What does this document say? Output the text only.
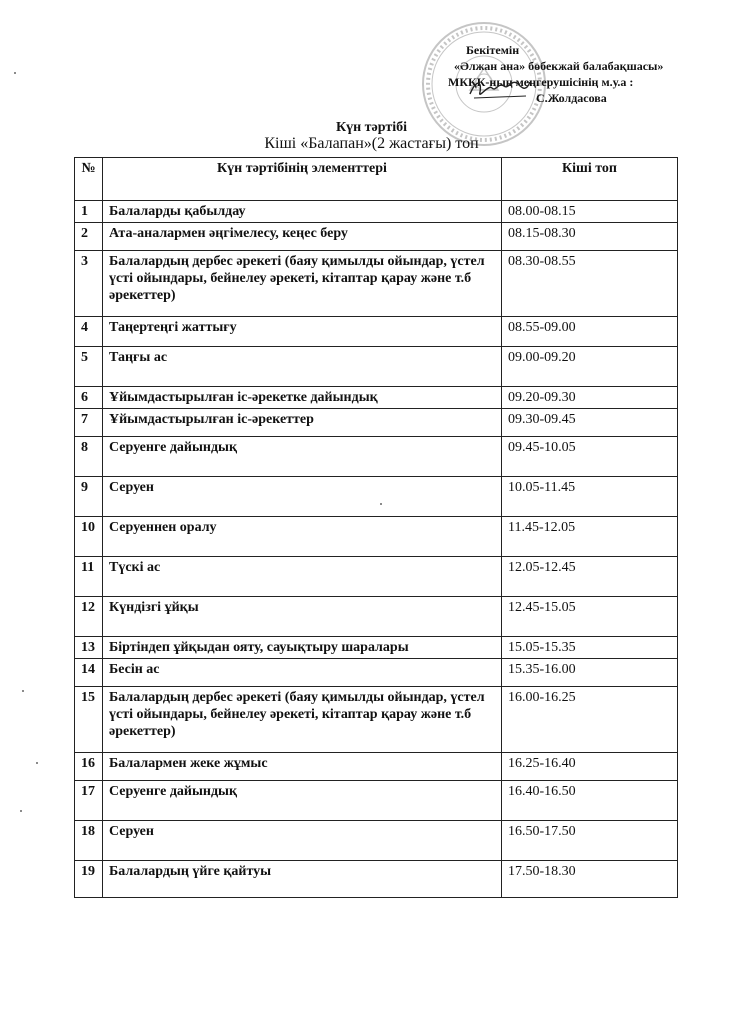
Бекітемін
«Әлжан ана» бөбекжай балабақшасы»
МКҚК-ның меңгерушісінің м.у.а :
С.Жолдасова
Күн тәртібі
Кіші «Балапан»(2 жастағы) топ
№	Күн тәртібінің элементтері	Кіші топ
1	Балаларды қабылдау	08.00-08.15
2	Ата-аналармен әңгімелесу, кеңес беру	08.15-08.30
3	Балалардың дербес әрекеті (баяу қимылды ойындар, үстел үсті ойындары, бейнелеу әрекеті, кітаптар қарау және т.б әрекеттер)	08.30-08.55
4	Таңертеңгі жаттығу	08.55-09.00
5	Таңғы ас	09.00-09.20
6	Ұйымдастырылған іс-әрекетке дайындық	09.20-09.30
7	Ұйымдастырылған іс-әрекеттер	09.30-09.45
8	Серуенге дайындық	09.45-10.05
9	Серуен	10.05-11.45
10	Серуеннен оралу	11.45-12.05
11	Түскі ас	12.05-12.45
12	Күндізгі ұйқы	12.45-15.05
13	Біртіндеп ұйқыдан ояту, сауықтыру шаралары	15.05-15.35
14	Бесін ас	15.35-16.00
15	Балалардың дербес әрекеті (баяу қимылды ойындар, үстел үсті ойындары, бейнелеу әрекеті, кітаптар қарау және т.б әрекеттер)	16.00-16.25
16	Балалармен жеке жұмыс	16.25-16.40
17	Серуенге дайындық	16.40-16.50
18	Серуен	16.50-17.50
19	Балалардың үйге қайтуы	17.50-18.30
